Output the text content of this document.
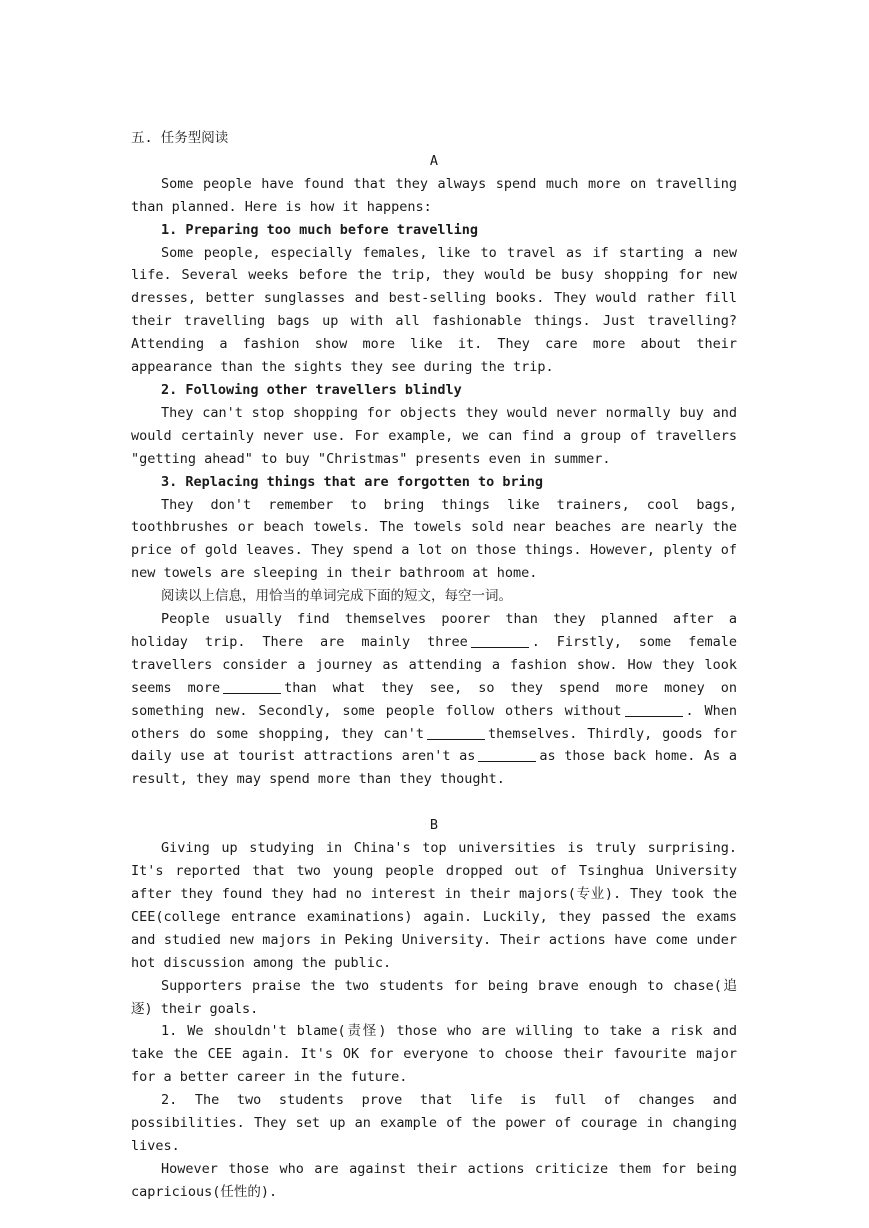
五. 任务型阅读

A

Some people have found that they always spend much more on travelling than planned. Here is how it happens:

1. Preparing too much before travelling

Some people, especially females, like to travel as if starting a new life. Several weeks before the trip, they would be busy shopping for new dresses, better sunglasses and best-selling books. They would rather fill their travelling bags up with all fashionable things. Just travelling? Attending a fashion show more like it. They care more about their appearance than the sights they see during the trip.

2. Following other travellers blindly

They can't stop shopping for objects they would never normally buy and would certainly never use. For example, we can find a group of travellers "getting ahead" to buy "Christmas" presents even in summer.

3. Replacing things that are forgotten to bring

They don't remember to bring things like trainers, cool bags, toothbrushes or beach towels. The towels sold near beaches are nearly the price of gold leaves. They spend a lot on those things. However, plenty of new towels are sleeping in their bathroom at home.

阅读以上信息，用恰当的单词完成下面的短文，每空一词。

People usually find themselves poorer than they planned after a holiday trip. There are mainly three	. Firstly, some female travellers consider a journey as attending a fashion show. How they look seems more	than what they see, so they spend more money on something new. Secondly, some people follow others without	. When others do some shopping, they can't	themselves. Thirdly, goods for daily use at tourist attractions aren't as	as those back home. As a result, they may spend more than they thought.

B

Giving up studying in China's top universities is truly surprising. It's reported that two young people dropped out of Tsinghua University after they found they had no interest in their majors(专业). They took the CEE(college entrance examinations) again. Luckily, they passed the exams and studied new majors in Peking University. Their actions have come under hot discussion among the public.

Supporters praise the two students for being brave enough to chase(追逐) their goals.

1. We shouldn't blame(责怪) those who are willing to take a risk and take the CEE again. It's OK for everyone to choose their favourite major for a better career in the future.

2. The two students prove that life is full of changes and possibilities. They set up an example of the power of courage in changing lives.

However those who are against their actions criticize them for being capricious(任性的).
